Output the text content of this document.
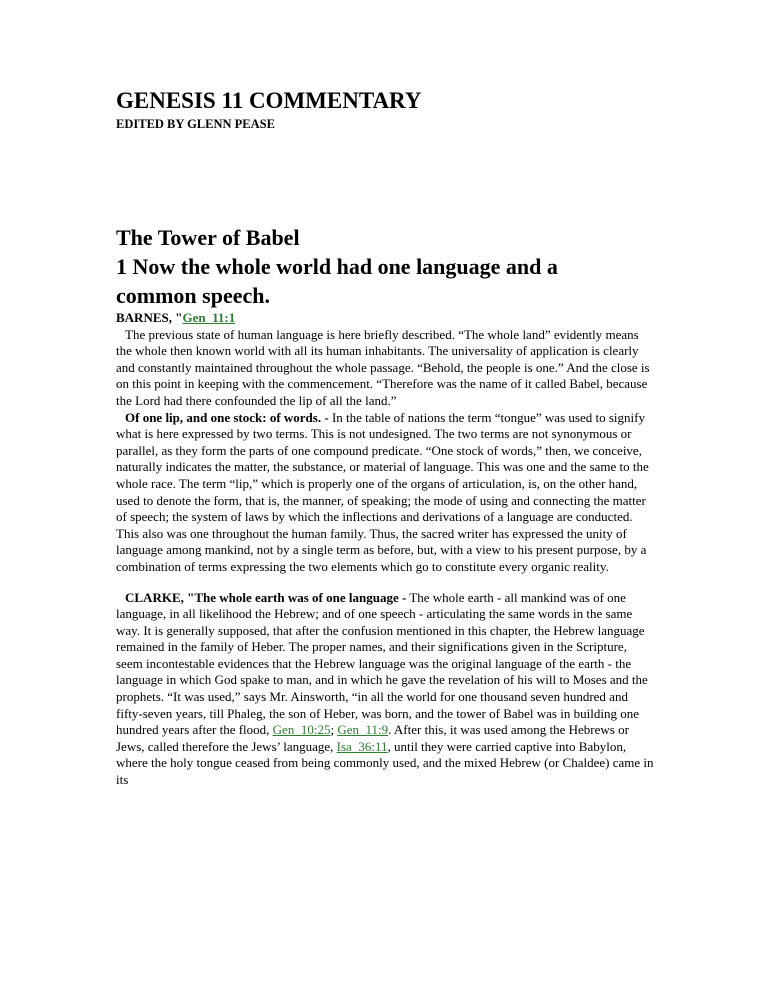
GENESIS 11 COMMENTARY
EDITED BY GLENN PEASE
The Tower of Babel
1 Now the whole world had one language and a
common speech.

BARNES, "Gen_11:1

The previous state of human language is here briefly described. “The whole land” evidently means the whole then known world with all its human inhabitants. The universality of application is clearly and constantly maintained throughout the whole passage. “Behold, the people is one.” And the close is on this point in keeping with the commencement. “Therefore was the name of it called Babel, because the Lord had there confounded the lip of all the land.”

Of one lip, and one stock: of words. - In the table of nations the term “tongue” was used to signify what is here expressed by two terms. This is not undesigned. The two terms are not synonymous or parallel, as they form the parts of one compound predicate. “One stock of words,” then, we conceive, naturally indicates the matter, the substance, or material of language. This was one and the same to the whole race. The term “lip,” which is properly one of the organs of articulation, is, on the other hand, used to denote the form, that is, the manner, of speaking; the mode of using and connecting the matter of speech; the system of laws by which the inflections and derivations of a language are conducted. This also was one throughout the human family. Thus, the sacred writer has expressed the unity of language among mankind, not by a single term as before, but, with a view to his present purpose, by a combination of terms expressing the two elements which go to constitute every organic reality.

CLARKE, "The whole earth was of one language - The whole earth - all mankind was of one language, in all likelihood the Hebrew; and of one speech - articulating the same words in the same way. It is generally supposed, that after the confusion mentioned in this chapter, the Hebrew language remained in the family of Heber. The proper names, and their significations given in the Scripture, seem incontestable evidences that the Hebrew language was the original language of the earth - the language in which God spake to man, and in which he gave the revelation of his will to Moses and the prophets. “It was used,” says Mr. Ainsworth, “in all the world for one thousand seven hundred and fifty-seven years, till Phaleg, the son of Heber, was born, and the tower of Babel was in building one hundred years after the flood, Gen_10:25; Gen_11:9. After this, it was used among the Hebrews or Jews, called therefore the Jews’ language, Isa_36:11, until they were carried captive into Babylon, where the holy tongue ceased from being commonly used, and the mixed Hebrew (or Chaldee) came in its
